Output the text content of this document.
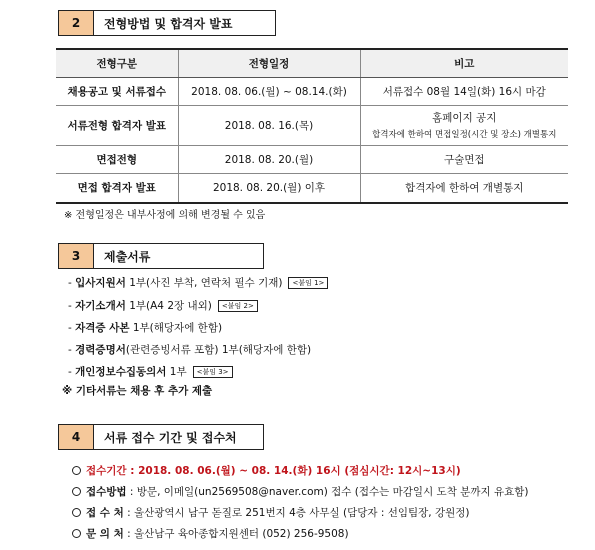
2	전형방법 및 합격자 발표
전형구분	전형일정	비고
채용공고 및 서류접수	2018. 08. 06.(월) ~ 08.14.(화)	서류접수 08월 14일(화) 16시 마감
서류전형 합격자 발표	2018. 08. 16.(목)	홈페이지 공지
합격자에 한하여 면접일정(시간 및 장소) 개별통지

면접전형	2018. 08. 20.(월)	구술면접
면접 합격자 발표	2018. 08. 20.(월) 이후	합격자에 한하여 개별통지
※ 전형일정은 내부사정에 의해 변경될 수 있음
3	제출서류
- 입사지원서 1부(사진 부착, 연락처 필수 기재) <붙임 1>
- 자기소개서 1부(A4 2장 내외) <붙임 2>
- 자격증 사본 1부(해당자에 한함)
- 경력증명서(관련증빙서류 포함) 1부(해당자에 한함)
- 개인정보수집동의서 1부 <붙임 3>
※ 기타서류는 채용 후 추가 제출
4	서류 접수 기간 및 접수처
접수기간 : 2018. 08. 06.(월) ~ 08. 14.(화) 16시 (점심시간: 12시~13시)
접수방법 : 방문, 이메일(un2569508@naver.com) 접수 (접수는 마감일시 도착 분까지 유효함)
접 수 처 : 울산광역시 남구 돋질로 251번지 4층 사무실 (담당자 : 선임팀장, 강원정)
문 의 처 : 울산남구 육아종합지원센터 (052) 256-9508)
